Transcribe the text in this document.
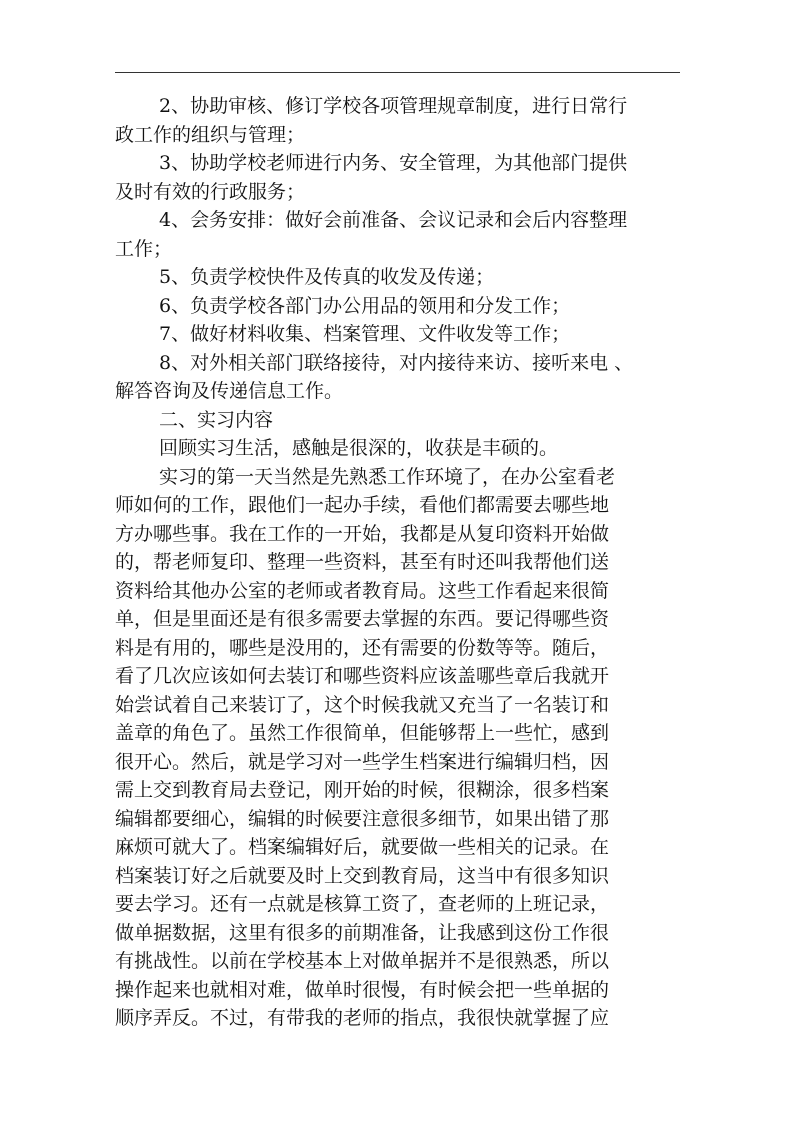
2、协助审核、修订学校各项管理规章制度，进行日常行
政工作的组织与管理；
3、协助学校老师进行内务、安全管理，为其他部门提供
及时有效的行政服务；
4、会务安排：做好会前准备、会议记录和会后内容整理
工作；
5、负责学校快件及传真的收发及传递；
6、负责学校各部门办公用品的领用和分发工作；
7、做好材料收集、档案管理、文件收发等工作；
8、对外相关部门联络接待，对内接待来访、接听来电 、
解答咨询及传递信息工作。
二、实习内容
回顾实习生活，感触是很深的，收获是丰硕的。
实习的第一天当然是先熟悉工作环境了，在办公室看老
师如何的工作，跟他们一起办手续，看他们都需要去哪些地
方办哪些事。我在工作的一开始，我都是从复印资料开始做
的，帮老师复印、整理一些资料，甚至有时还叫我帮他们送
资料给其他办公室的老师或者教育局。这些工作看起来很简
单，但是里面还是有很多需要去掌握的东西。要记得哪些资
料是有用的，哪些是没用的，还有需要的份数等等。随后，
看了几次应该如何去装订和哪些资料应该盖哪些章后我就开
始尝试着自己来装订了，这个时候我就又充当了一名装订和
盖章的角色了。虽然工作很简单，但能够帮上一些忙，感到
很开心。然后，就是学习对一些学生档案进行编辑归档，因
需上交到教育局去登记，刚开始的时候，很糊涂，很多档案
编辑都要细心，编辑的时候要注意很多细节，如果出错了那
麻烦可就大了。档案编辑好后，就要做一些相关的记录。在
档案装订好之后就要及时上交到教育局，这当中有很多知识
要去学习。还有一点就是核算工资了，查老师的上班记录，
做单据数据，这里有很多的前期准备，让我感到这份工作很
有挑战性。以前在学校基本上对做单据并不是很熟悉，所以
操作起来也就相对难，做单时很慢，有时候会把一些单据的
顺序弄反。不过，有带我的老师的指点，我很快就掌握了应
